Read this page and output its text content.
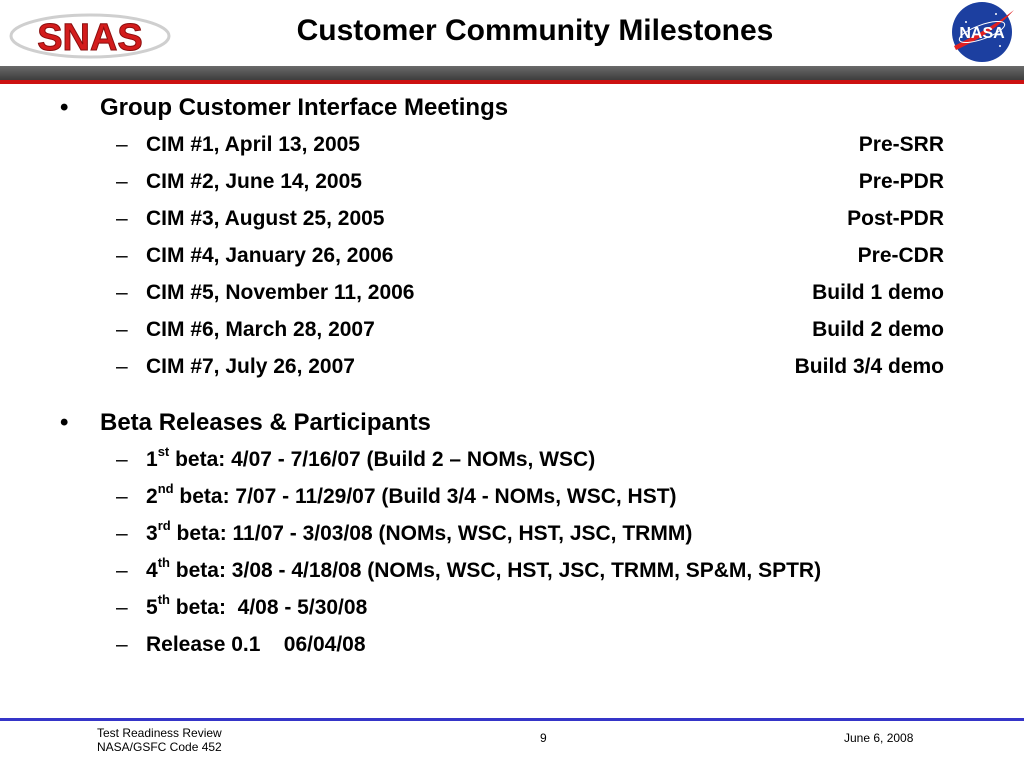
SNAS	Customer Community Milestones	NASA
•	Group Customer Interface Meetings
– CIM #1, April 13, 2005	Pre-SRR
– CIM #2, June 14, 2005	Pre-PDR
– CIM #3, August 25, 2005	Post-PDR
– CIM #4, January 26, 2006	Pre-CDR
– CIM #5, November 11, 2006	Build 1 demo
– CIM #6, March 28, 2007	Build 2 demo
– CIM #7, July 26, 2007	Build 3/4 demo
•	Beta Releases & Participants
– 1st beta: 4/07 - 7/16/07 (Build 2 – NOMs, WSC)
– 2nd beta: 7/07 - 11/29/07 (Build 3/4 - NOMs, WSC, HST)
– 3rd beta: 11/07 - 3/03/08 (NOMs, WSC, HST, JSC, TRMM)
– 4th beta: 3/08 - 4/18/08 (NOMs, WSC, HST, JSC, TRMM, SP&M, SPTR)
– 5th beta:  4/08 - 5/30/08
– Release 0.1    06/04/08
Test Readiness Review
NASA/GSFC Code 452
9	June 6, 2008
